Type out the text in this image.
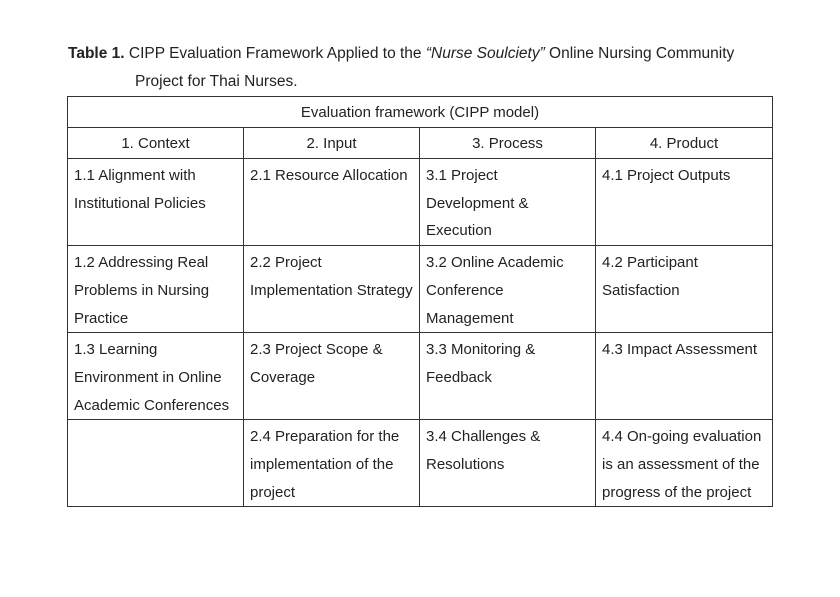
Table 1. CIPP Evaluation Framework Applied to the “Nurse Soulciety” Online Nursing Community
Project for Thai Nurses.
Evaluation framework (CIPP model)			
1. Context	2. Input	3. Process	4. Product
1.1 Alignment with Institutional Policies	2.1 Resource Allocation	3.1 Project Development & Execution	4.1 Project Outputs
1.2 Addressing Real Problems in Nursing Practice	2.2 Project Implementation Strategy	3.2 Online Academic Conference Management	4.2 Participant Satisfaction
1.3 Learning Environment in Online Academic Conferences	2.3 Project Scope & Coverage	3.3 Monitoring & Feedback	4.3 Impact Assessment
	2.4 Preparation for the implementation of the project	3.4 Challenges & Resolutions	4.4 On-going evaluation is an assessment of the progress of the project
